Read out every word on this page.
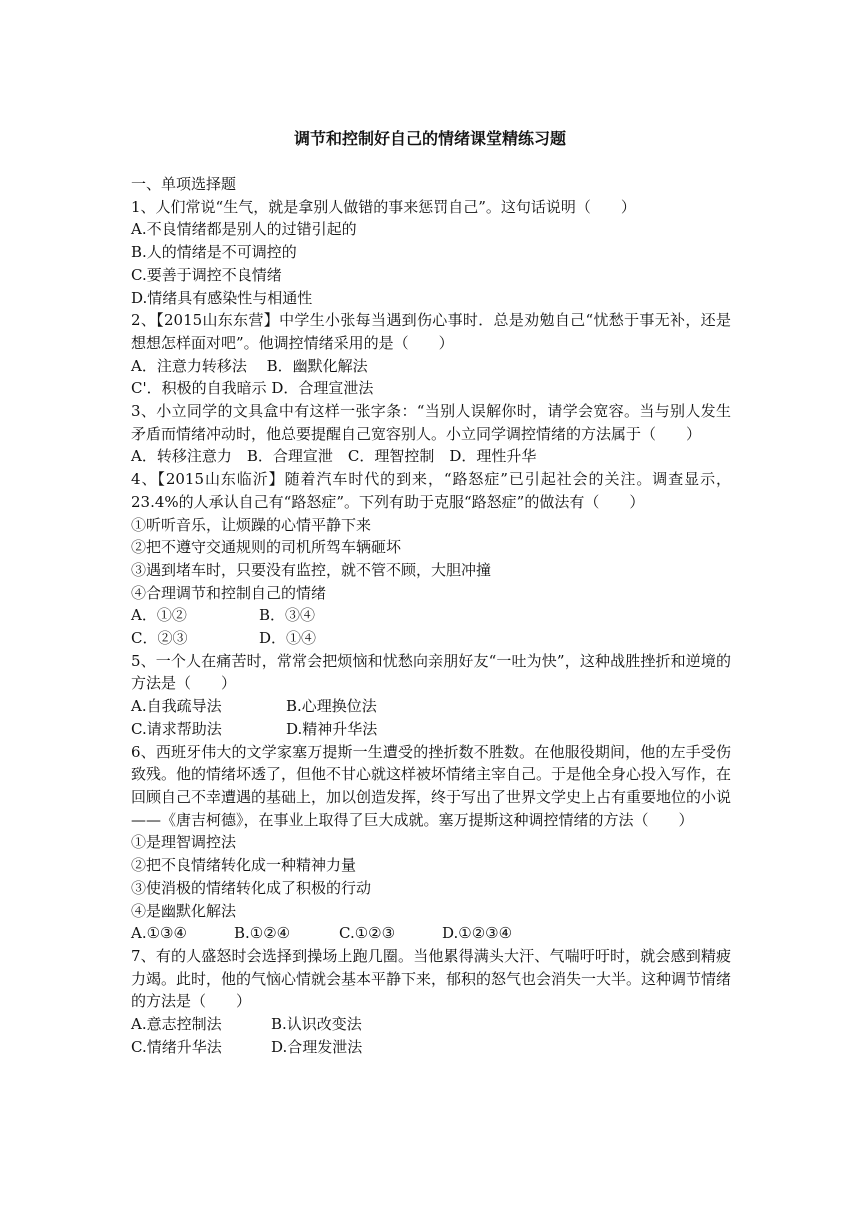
调节和控制好自己的情绪课堂精练习题

一、单项选择题

1、人们常说“生气，就是拿别人做错的事来惩罚自己”。这句话说明（　　）

A.不良情绪都是别人的过错引起的

B.人的情绪是不可调控的

C.要善于调控不良情绪

D.情绪具有感染性与相通性

2、【2015山东东营】中学生小张每当遇到伤心事时．总是劝勉自己“忧愁于事无补，还是想想怎样面对吧”。他调控情绪采用的是（　　）

A．注意力转移法　 B．幽默化解法

C'．积极的自我暗示 D．合理宣泄法

3、小立同学的文具盒中有这样一张字条：“当别人误解你时，请学会宽容。当与别人发生矛盾而情绪冲动时，他总要提醒自己宽容别人。小立同学调控情绪的方法属于（　　）

A．转移注意力　B．合理宣泄　C．理智控制　D．理性升华

4、【2015山东临沂】随着汽车时代的到来，“路怒症”已引起社会的关注。调查显示，23.4%的人承认自己有“路怒症”。下列有助于克服“路怒症”的做法有（　　）

①听听音乐，让烦躁的心情平静下来

②把不遵守交通规则的司机所驾车辆砸坏

③遇到堵车时，只要没有监控，就不管不顾，大胆冲撞

④合理调节和控制自己的情绪

A．①②	B．③④
C．②③	D．①④

5、一个人在痛苦时，常常会把烦恼和忧愁向亲朋好友“一吐为快”，这种战胜挫折和逆境的方法是（　　）

A.自我疏导法	B.心理换位法
C.请求帮助法	D.精神升华法

6、西班牙伟大的文学家塞万提斯一生遭受的挫折数不胜数。在他服役期间，他的左手受伤致残。他的情绪坏透了，但他不甘心就这样被坏情绪主宰自己。于是他全身心投入写作，在回顾自己不幸遭遇的基础上，加以创造发挥，终于写出了世界文学史上占有重要地位的小说——《唐吉柯德》，在事业上取得了巨大成就。塞万提斯这种调控情绪的方法（　　）

①是理智调控法

②把不良情绪转化成一种精神力量

③使消极的情绪转化成了积极的行动

④是幽默化解法

A.①③④	B.①②④	C.①②③	D.①②③④

7、有的人盛怒时会选择到操场上跑几圈。当他累得满头大汗、气喘吁吁时，就会感到精疲力竭。此时，他的气恼心情就会基本平静下来，郁积的怒气也会消失一大半。这种调节情绪的方法是（　　）

A.意志控制法	B.认识改变法
C.情绪升华法	D.合理发泄法
